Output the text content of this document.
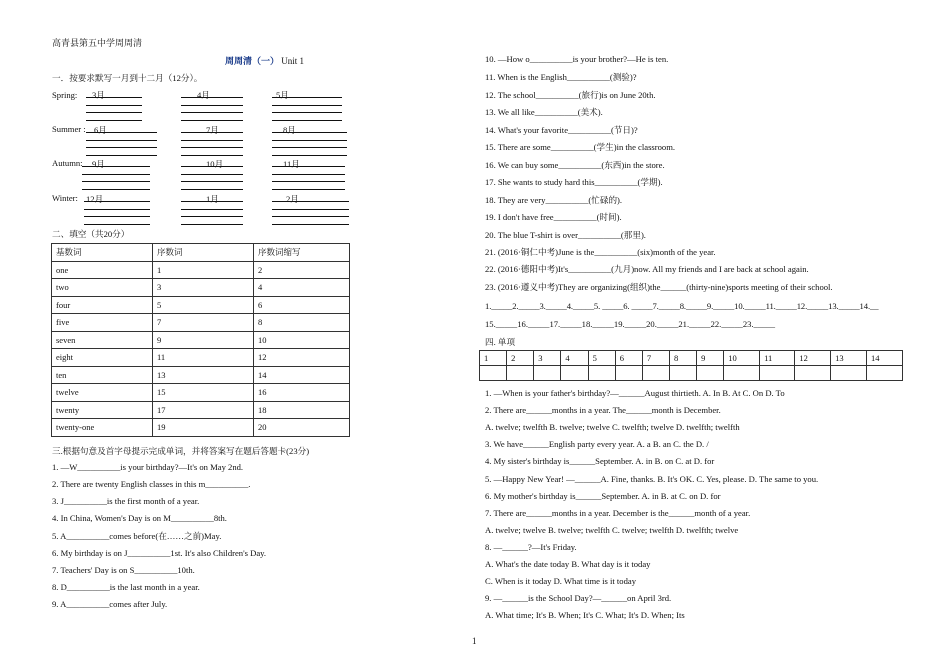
高青县第五中学周周清
周周清（一） Unit 1
一．按要求默写一月到十二月（12分）。
Spring: 3月	4月	5月
Summer : 6月	7月	8月
Autumn: 9月	10月	11月
Winter: 12月	1月	2月
二、填空（共20分）
基数词	序数词	序数词缩写
one	1	2
two	3	4
four	5	6
five	7	8
seven	9	10
eight	11	12
ten	13	14
twelve	15	16
twenty	17	18
twenty-one	19	20
三.根据句意及首字母提示完成单词，并将答案写在题后答题卡(23分)
1. —W__________is your birthday?—It's on May 2nd.
2. There are twenty English classes in this m__________.
3. J__________is the first month of a year.
4. In China, Women's Day is on M__________8th.
5. A__________comes before(在……之前)May.
6. My birthday is on J__________1st. It's also Children's Day.
7. Teachers' Day is on S__________10th.
8. D__________is the last month in a year.
9. A__________comes after July.
10. —How o__________is your brother?—He is ten.
11. When is the English__________(测验)?
12. The school__________(旅行)is on June 20th.
13. We all like__________(美术).
14. What's your favorite__________(节日)?
15. There are some__________(学生)in the classroom.
16. We can buy some__________(东西)in the store.
17. She wants to study hard this__________(学期).
18. They are very__________(忙碌的).
19. I don't have free__________(时间).
20. The blue T-shirt is over__________(那里).
21. (2016·铜仁中考)June is the__________(six)month of the year.
22. (2016·德阳中考)It's__________(九月)now. All my friends and I are back at school again.
23. (2016·遵义中考)They are organizing(组织)the______(thirty-nine)sports meeting of their school.
1._____2._____3._____4._____5. _____6. _____7._____8._____9._____10._____11._____12._____13._____14.__
15._____16._____17._____18._____19._____20._____21._____22._____23._____
四. 单项
1	2	3	4	5	6	7	8	9	10	11	12	13	14

1. —When is your father's birthday?—______August thirtieth. A. In B. At C. On D. To
2. There are______months in a year. The______month is December.
A. twelve; twelfth B. twelve; twelve C. twelfth; twelve D. twelfth; twelfth
3. We have______English party every year. A. a B. an C. the D. /
4. My sister's birthday is______September. A. in B. on C. at D. for
5. —Happy New Year! —______A. Fine, thanks. B. It's OK. C. Yes, please. D. The same to you.
6. My mother's birthday is______September. A. in B. at C. on D. for
7. There are______months in a year. December is the______month of a year.
A. twelve; twelve B. twelve; twelfth C. twelve; twelfth D. twelfth; twelve
8. —______?—It's Friday.
A. What's the date today B. What day is it today
C. When is it today D. What time is it today
9. —______is the School Day?—______on April 3rd.
A. What time; It's B. When; It's C. What; It's D. When; Its
1
